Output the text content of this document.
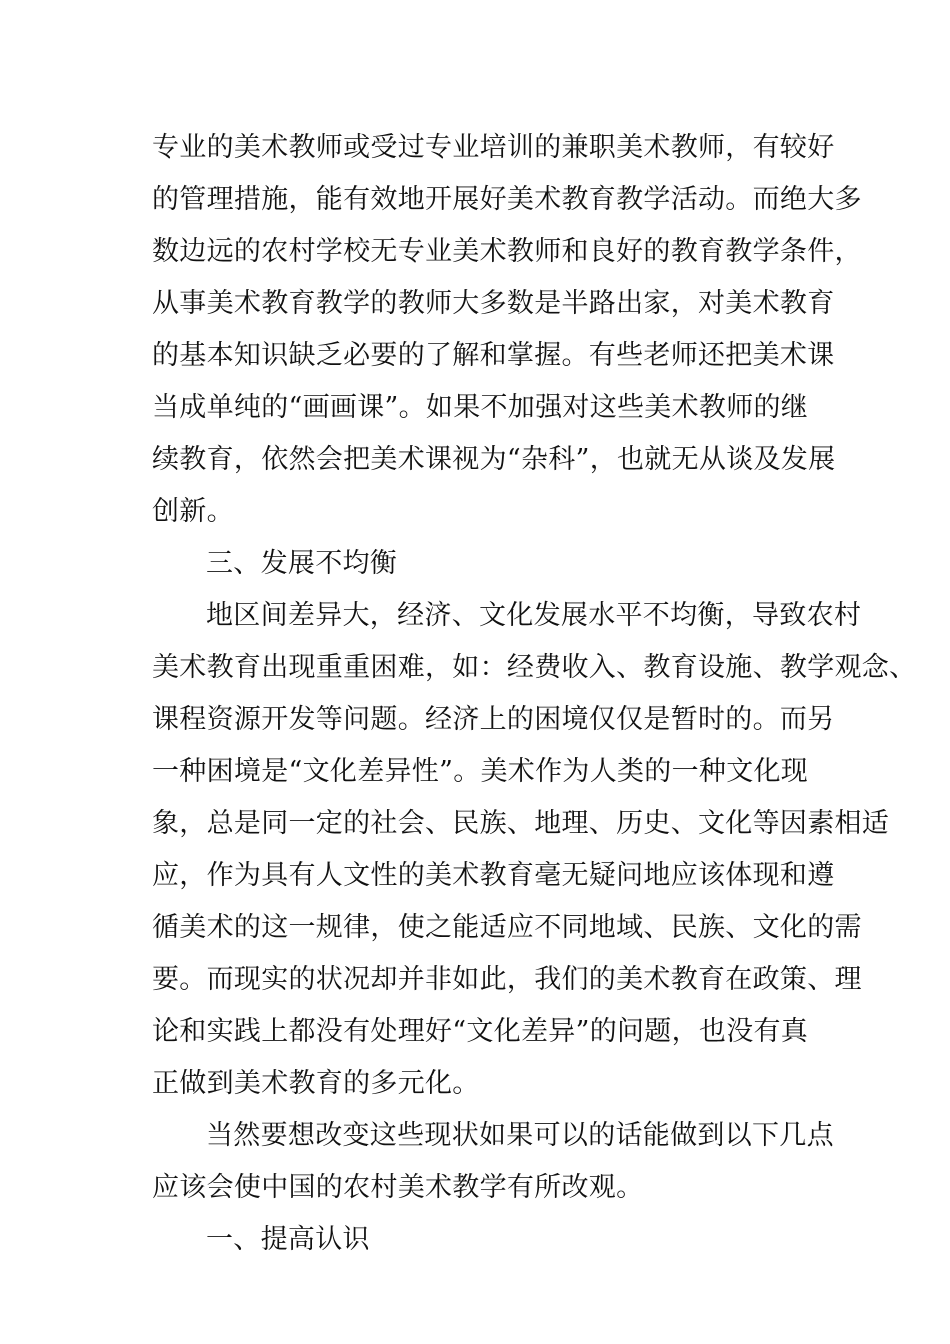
专业的美术教师或受过专业培训的兼职美术教师，有较好
的管理措施，能有效地开展好美术教育教学活动。而绝大多
数边远的农村学校无专业美术教师和良好的教育教学条件，
从事美术教育教学的教师大多数是半路出家，对美术教育
的基本知识缺乏必要的了解和掌握。有些老师还把美术课
当成单纯的“画画课”。如果不加强对这些美术教师的继
续教育，依然会把美术课视为“杂科”，也就无从谈及发展
创新。
三、发展不均衡
地区间差异大，经济、文化发展水平不均衡，导致农村
美术教育出现重重困难，如：经费收入、教育设施、教学观念、
课程资源开发等问题。经济上的困境仅仅是暂时的。而另
一种困境是“文化差异性”。美术作为人类的一种文化现
象，总是同一定的社会、民族、地理、历史、文化等因素相适
应，作为具有人文性的美术教育毫无疑问地应该体现和遵
循美术的这一规律，使之能适应不同地域、民族、文化的需
要。而现实的状况却并非如此，我们的美术教育在政策、理
论和实践上都没有处理好“文化差异”的问题，也没有真
正做到美术教育的多元化。
当然要想改变这些现状如果可以的话能做到以下几点
应该会使中国的农村美术教学有所改观。
一、提高认识
